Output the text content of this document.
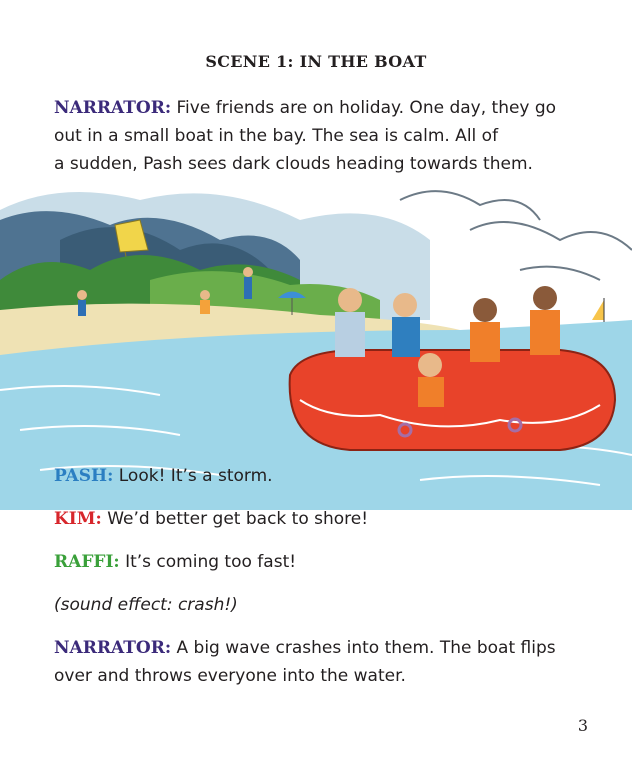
SCENE 1: IN THE BOAT
NARRATOR: Five friends are on holiday. One day, they go
out in a small boat in the bay. The sea is calm. All of
a sudden, Pash sees dark clouds heading towards them.
PASH: Look! It’s a storm.
KIM: We’d better get back to shore!
RAFFI: It’s coming too fast!
(sound effect: crash!)
NARRATOR: A big wave crashes into them. The boat flips
over and throws everyone into the water.
3
